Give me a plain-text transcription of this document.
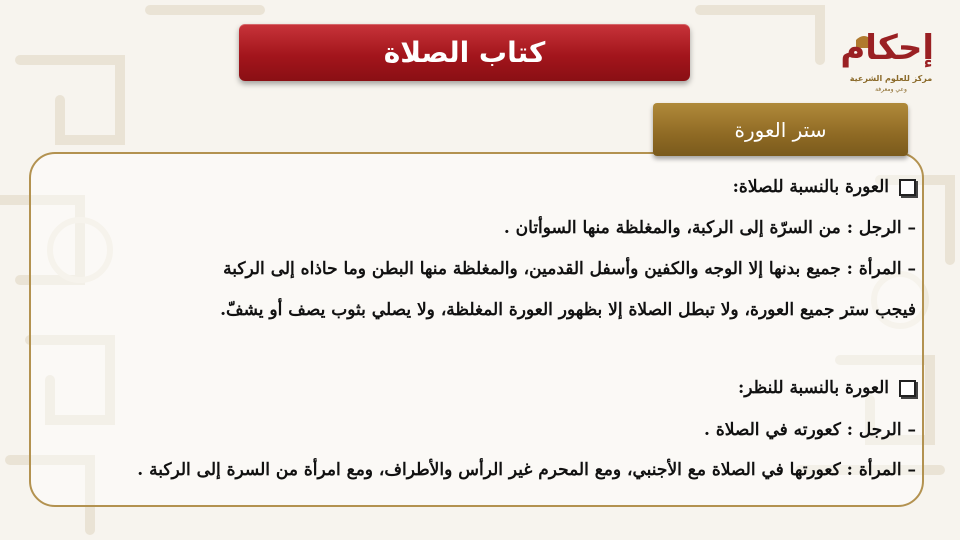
كتاب الصلاة	إحكام
مركز للعلوم الشرعية
وعي ومعرفة
ستر العورة
العورة بالنسبة للصلاة:
– الرجل : من السرّة إلى الركبة، والمغلظة منها السوأتان .
– المرأة : جميع بدنها إلا الوجه والكفين وأسفل القدمين، والمغلظة منها البطن وما حاذاه إلى الركبة
فيجب ستر جميع العورة، ولا تبطل الصلاة إلا بظهور العورة المغلظة، ولا يصلي بثوب يصف أو يشفّ.
العورة بالنسبة للنظر:
– الرجل : كعورته في الصلاة .
– المرأة : كعورتها في الصلاة مع الأجنبي، ومع المحرم غير الرأس والأطراف، ومع امرأة من السرة إلى الركبة .
